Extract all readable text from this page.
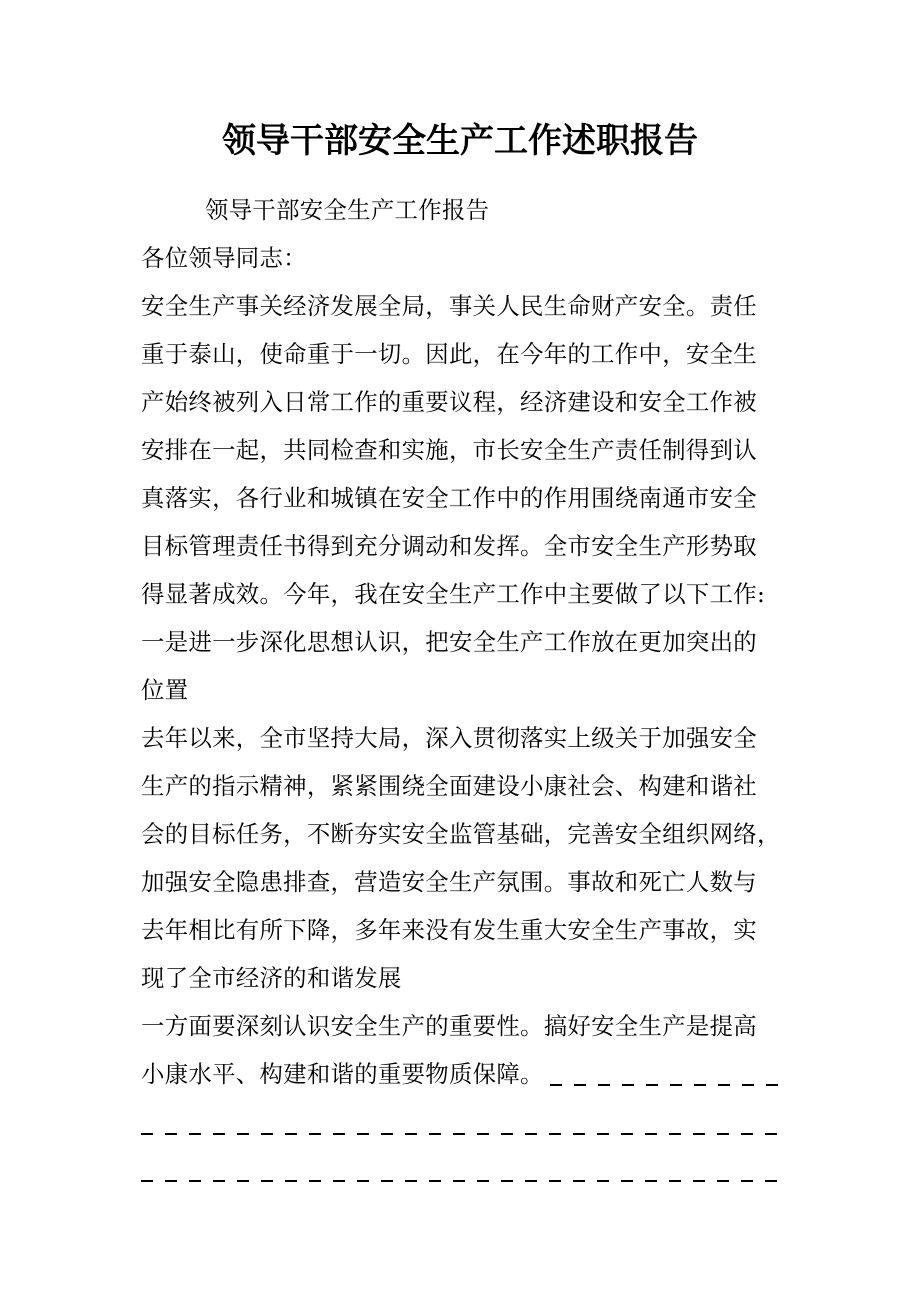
领导干部安全生产工作述职报告
领导干部安全生产工作报告
各位领导同志：
安全生产事关经济发展全局，事关人民生命财产安全。责任
重于泰山，使命重于一切。因此，在今年的工作中，安全生
产始终被列入日常工作的重要议程，经济建设和安全工作被
安排在一起，共同检查和实施，市长安全生产责任制得到认
真落实，各行业和城镇在安全工作中的作用围绕南通市安全
目标管理责任书得到充分调动和发挥。全市安全生产形势取
得显著成效。今年，我在安全生产工作中主要做了以下工作:
一是进一步深化思想认识，把安全生产工作放在更加突出的
位置
去年以来，全市坚持大局，深入贯彻落实上级关于加强安全
生产的指示精神，紧紧围绕全面建设小康社会、构建和谐社
会的目标任务，不断夯实安全监管基础，完善安全组织网络，
加强安全隐患排查，营造安全生产氛围。事故和死亡人数与
去年相比有所下降，多年来没有发生重大安全生产事故，实
现了全市经济的和谐发展
一方面要深刻认识安全生产的重要性。搞好安全生产是提高
小康水平、构建和谐的重要物质保障。
